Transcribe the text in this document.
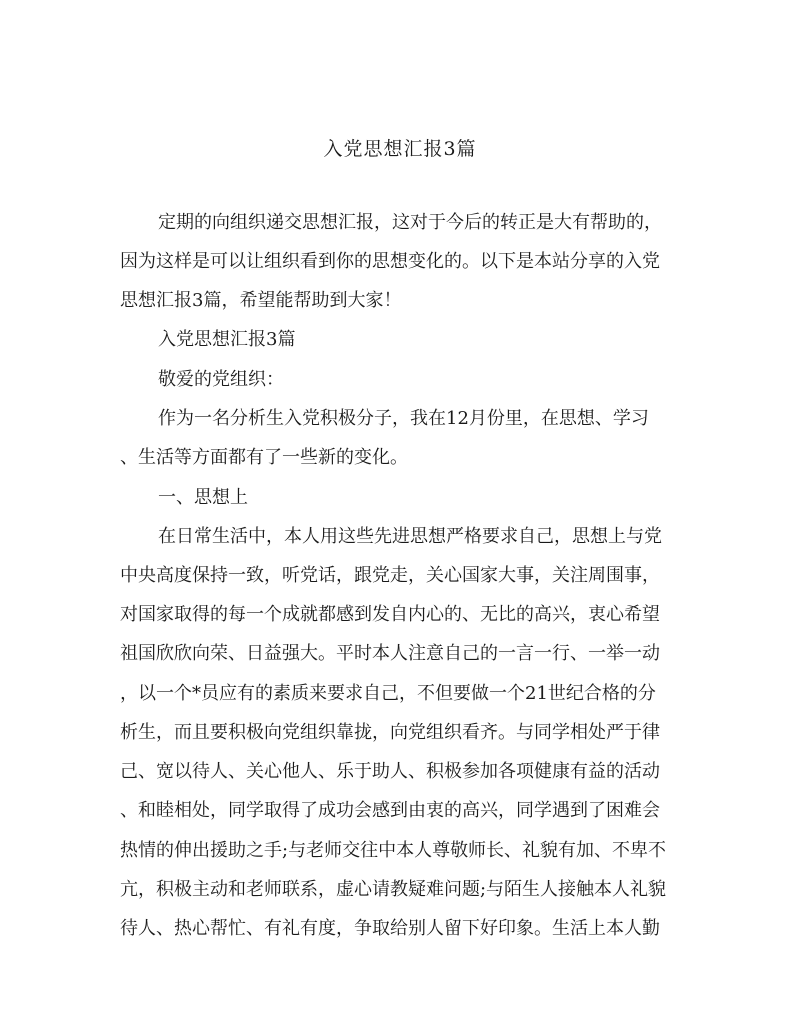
入党思想汇报3篇
定期的向组织递交思想汇报，这对于今后的转正是大有帮助的，
因为这样是可以让组织看到你的思想变化的。以下是本站分享的入党
思想汇报3篇，希望能帮助到大家！
入党思想汇报3篇
敬爱的党组织：
作为一名分析生入党积极分子，我在12月份里，在思想、学习
、生活等方面都有了一些新的变化。
一、思想上
在日常生活中，本人用这些先进思想严格要求自己，思想上与党
中央高度保持一致，听党话，跟党走，关心国家大事，关注周围事，
对国家取得的每一个成就都感到发自内心的、无比的高兴，衷心希望
祖国欣欣向荣、日益强大。平时本人注意自己的一言一行、一举一动
，以一个*员应有的素质来要求自己，不但要做一个21世纪合格的分
析生，而且要积极向党组织靠拢，向党组织看齐。与同学相处严于律
己、宽以待人、关心他人、乐于助人、积极参加各项健康有益的活动
、和睦相处，同学取得了成功会感到由衷的高兴，同学遇到了困难会
热情的伸出援助之手;与老师交往中本人尊敬师长、礼貌有加、不卑不
亢，积极主动和老师联系，虚心请教疑难问题;与陌生人接触本人礼貌
待人、热心帮忙、有礼有度，争取给别人留下好印象。生活上本人勤
